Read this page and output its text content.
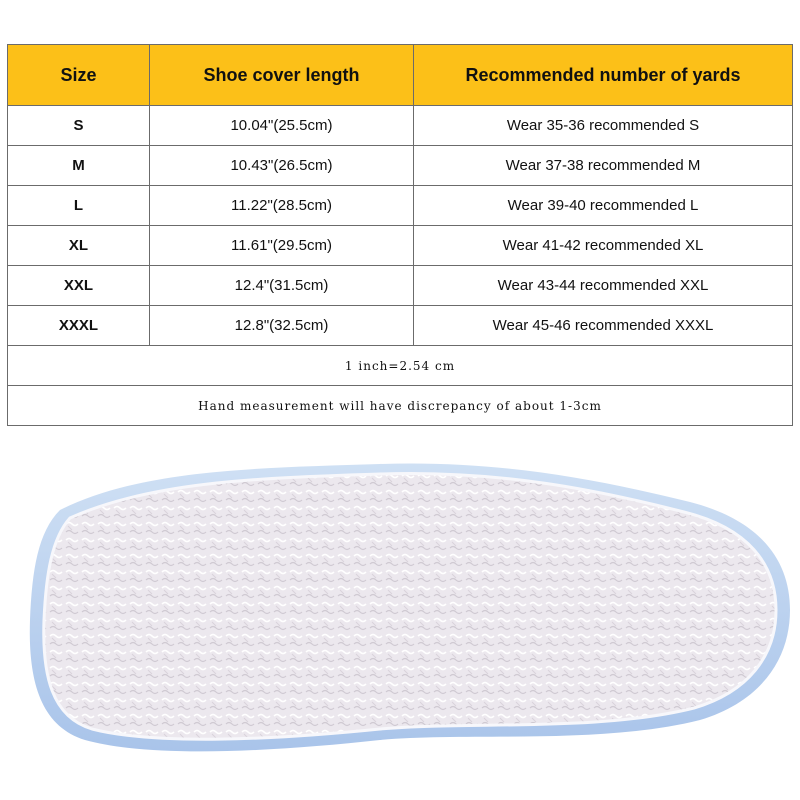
Size	Shoe cover length	Recommended number of yards
S	10.04"(25.5cm)	Wear 35-36 recommended S
M	10.43"(26.5cm)	Wear 37-38 recommended M
L	11.22"(28.5cm)	Wear 39-40 recommended L
XL	11.61"(29.5cm)	Wear 41-42 recommended XL
XXL	12.4"(31.5cm)	Wear 43-44 recommended XXL
XXXL	12.8"(32.5cm)	Wear 45-46 recommended XXXL
1 inch=2.54 cm		
Hand measurement will have discrepancy of about 1-3cm		
